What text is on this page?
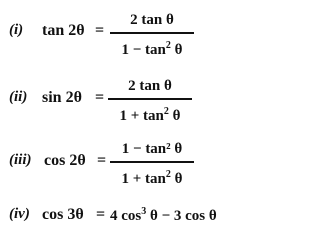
(i) tan 2θ =
2 tan θ
$1 - \tan^2 \theta$
(ii) sin 2θ =
2 tan θ
$1 + \tan^2 \theta$
(iii) cos 2θ =
1 − tan² θ
$1 + \tan^2 \theta$
(iv) cos 3θ = 4 $\cos^3 \theta - 3$ cos θ
